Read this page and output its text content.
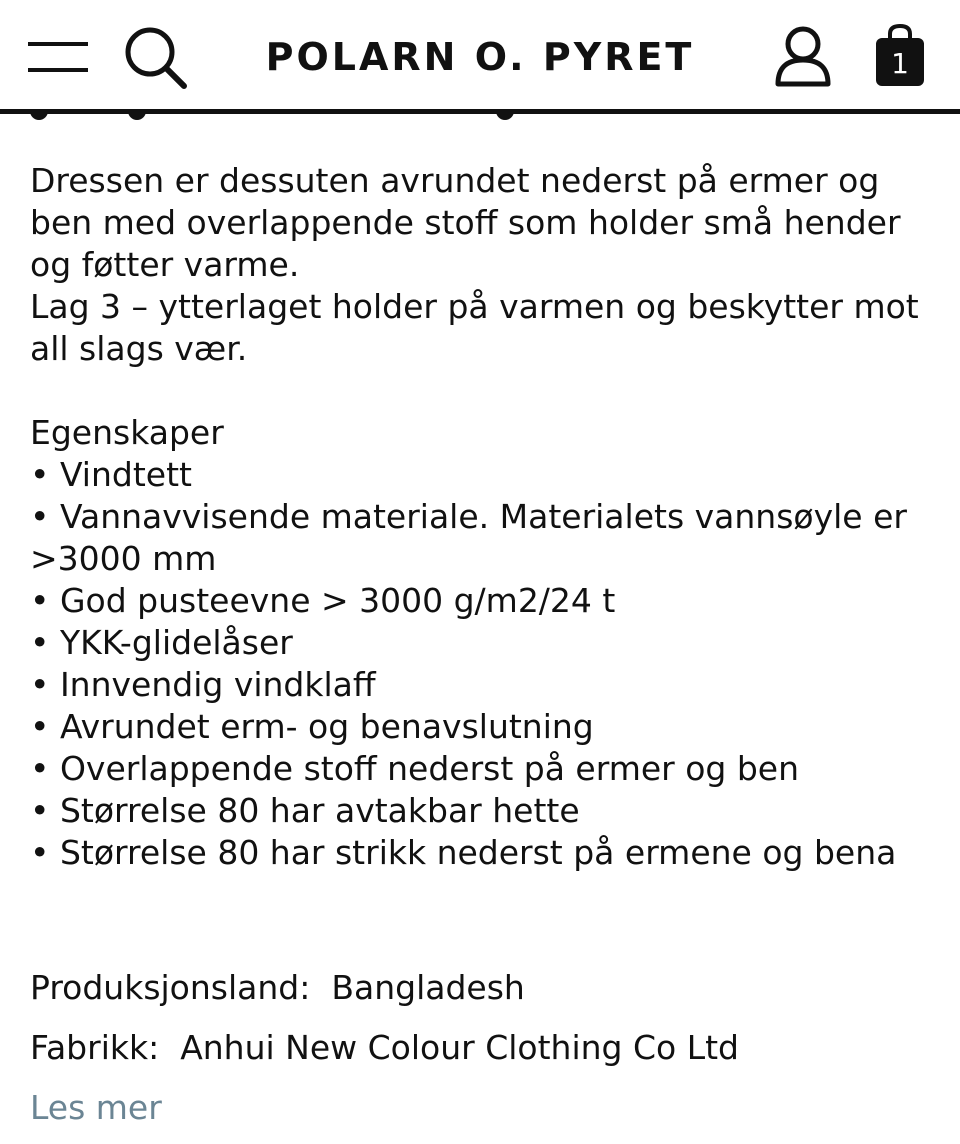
POLARN O. PYRET	1

Dressen er dessuten avrundet nederst på ermer og ben med overlappende stoff som holder små hender og føtter varme.

Lag 3 – ytterlaget holder på varmen og beskytter mot all slags vær.

Egenskaper

• Vindtett

• Vannavvisende materiale. Materialets vannsøyle er >3000 mm

• God pusteevne > 3000 g/m2/24 t

• YKK-glidelåser

• Innvendig vindklaff

• Avrundet erm- og benavslutning

• Overlappende stoff nederst på ermer og ben

• Størrelse 80 har avtakbar hette

• Størrelse 80 har strikk nederst på ermene og bena

Produksjonsland: Bangladesh
Fabrikk: Anhui New Colour Clothing Co Ltd
Les mer
